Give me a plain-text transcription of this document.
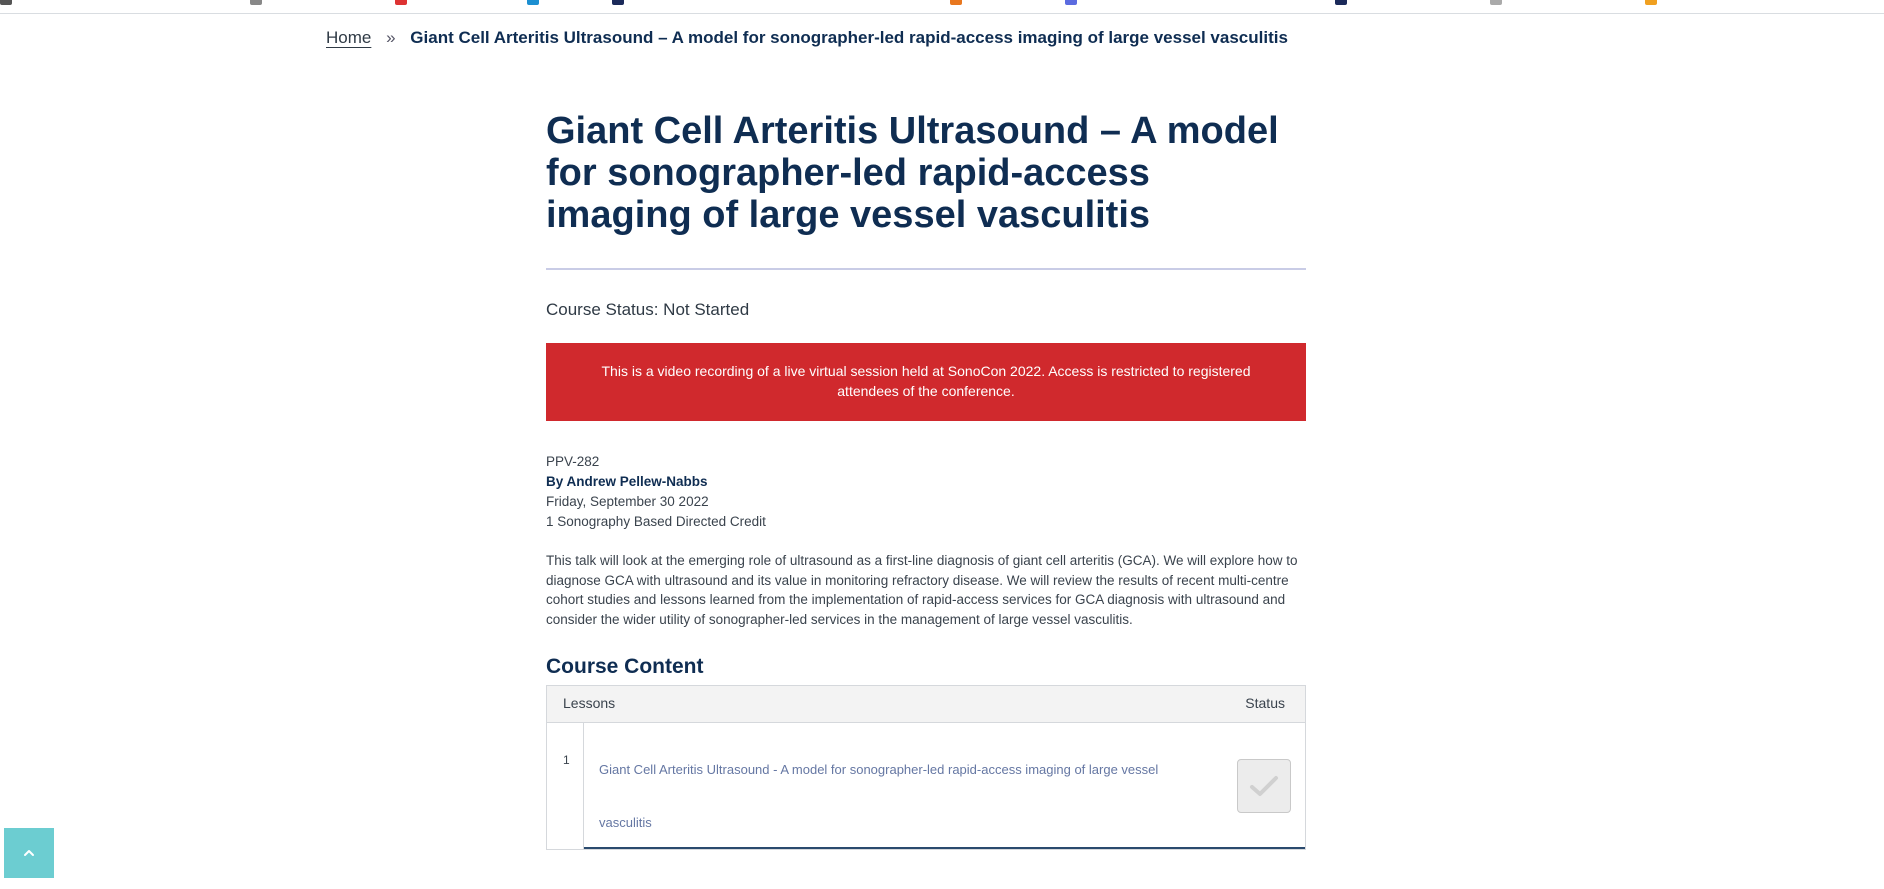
Home » Giant Cell Arteritis Ultrasound – A model for sonographer-led rapid-access imaging of large vessel vasculitis
Giant Cell Arteritis Ultrasound – A model for sonographer-led rapid-access imaging of large vessel vasculitis
Course Status: Not Started
This is a video recording of a live virtual session held at SonoCon 2022. Access is restricted to registered attendees of the conference.
PPV-282
By Andrew Pellew-Nabbs
Friday, September 30 2022
1 Sonography Based Directed Credit
This talk will look at the emerging role of ultrasound as a first-line diagnosis of giant cell arteritis (GCA). We will explore how to diagnose GCA with ultrasound and its value in monitoring refractory disease. We will review the results of recent multi-centre cohort studies and lessons learned from the implementation of rapid-access services for GCA diagnosis with ultrasound and consider the wider utility of sonographer-led services in the management of large vessel vasculitis.
Course Content
Lessons	Status
1
Giant Cell Arteritis Ultrasound - A model for sonographer-led rapid-access imaging of large vessel vasculitis
